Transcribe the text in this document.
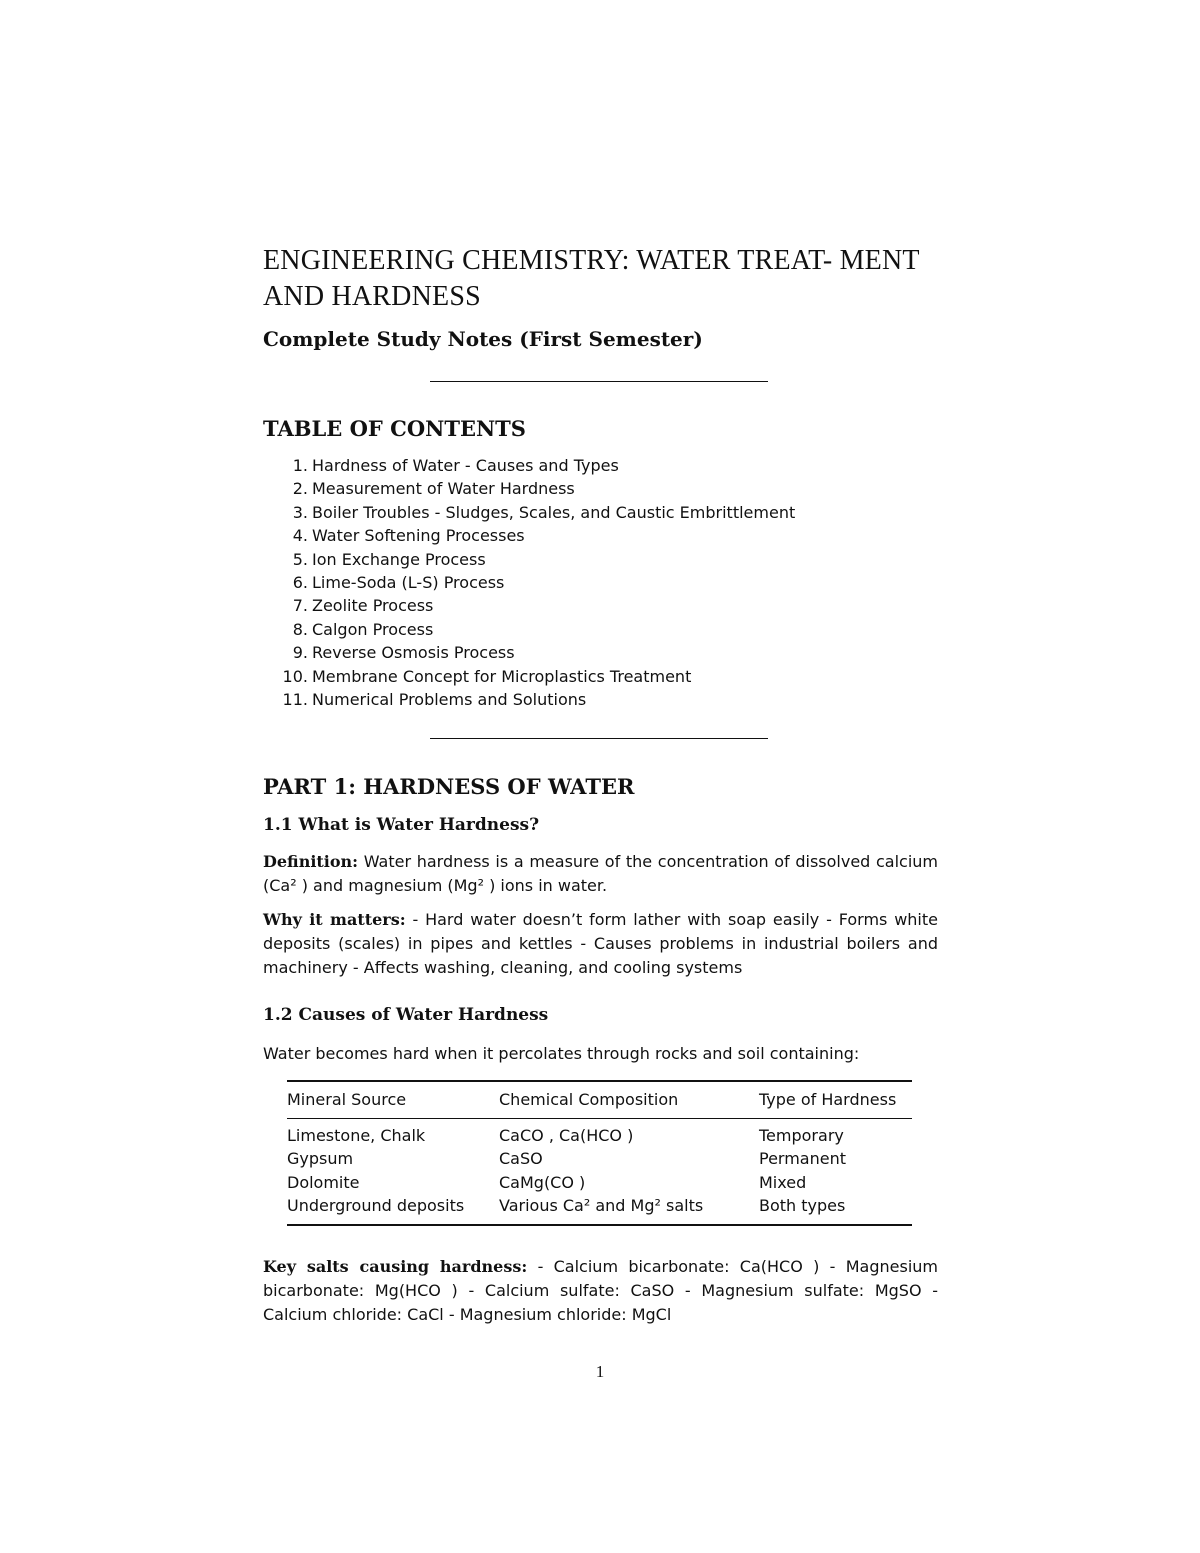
ENGINEERING CHEMISTRY: WATER TREAT- MENT AND HARDNESS
Complete Study Notes (First Semester)
TABLE OF CONTENTS
1. Hardness of Water - Causes and Types
2. Measurement of Water Hardness
3. Boiler Troubles - Sludges, Scales, and Caustic Embrittlement
4. Water Softening Processes
5. Ion Exchange Process
6. Lime-Soda (L-S) Process
7. Zeolite Process
8. Calgon Process
9. Reverse Osmosis Process
10. Membrane Concept for Microplastics Treatment
11. Numerical Problems and Solutions
PART 1: HARDNESS OF WATER
1.1 What is Water Hardness?
Definition: Water hardness is a measure of the concentration of dissolved calcium (Ca² ) and magnesium (Mg² ) ions in water.
Why it matters: - Hard water doesn’t form lather with soap easily - Forms white deposits (scales) in pipes and kettles - Causes problems in industrial boilers and machinery - Affects washing, cleaning, and cooling systems
1.2 Causes of Water Hardness
Water becomes hard when it percolates through rocks and soil containing:
Mineral Source	Chemical Composition	Type of Hardness
Limestone, Chalk	CaCO , Ca(HCO )	Temporary
Gypsum	CaSO	Permanent
Dolomite	CaMg(CO )	Mixed
Underground deposits	Various Ca² and Mg² salts	Both types
Key salts causing hardness: - Calcium bicarbonate: Ca(HCO ) - Magnesium bicarbonate: Mg(HCO ) - Calcium sulfate: CaSO - Magnesium sulfate: MgSO - Calcium chloride: CaCl - Magnesium chloride: MgCl
1
